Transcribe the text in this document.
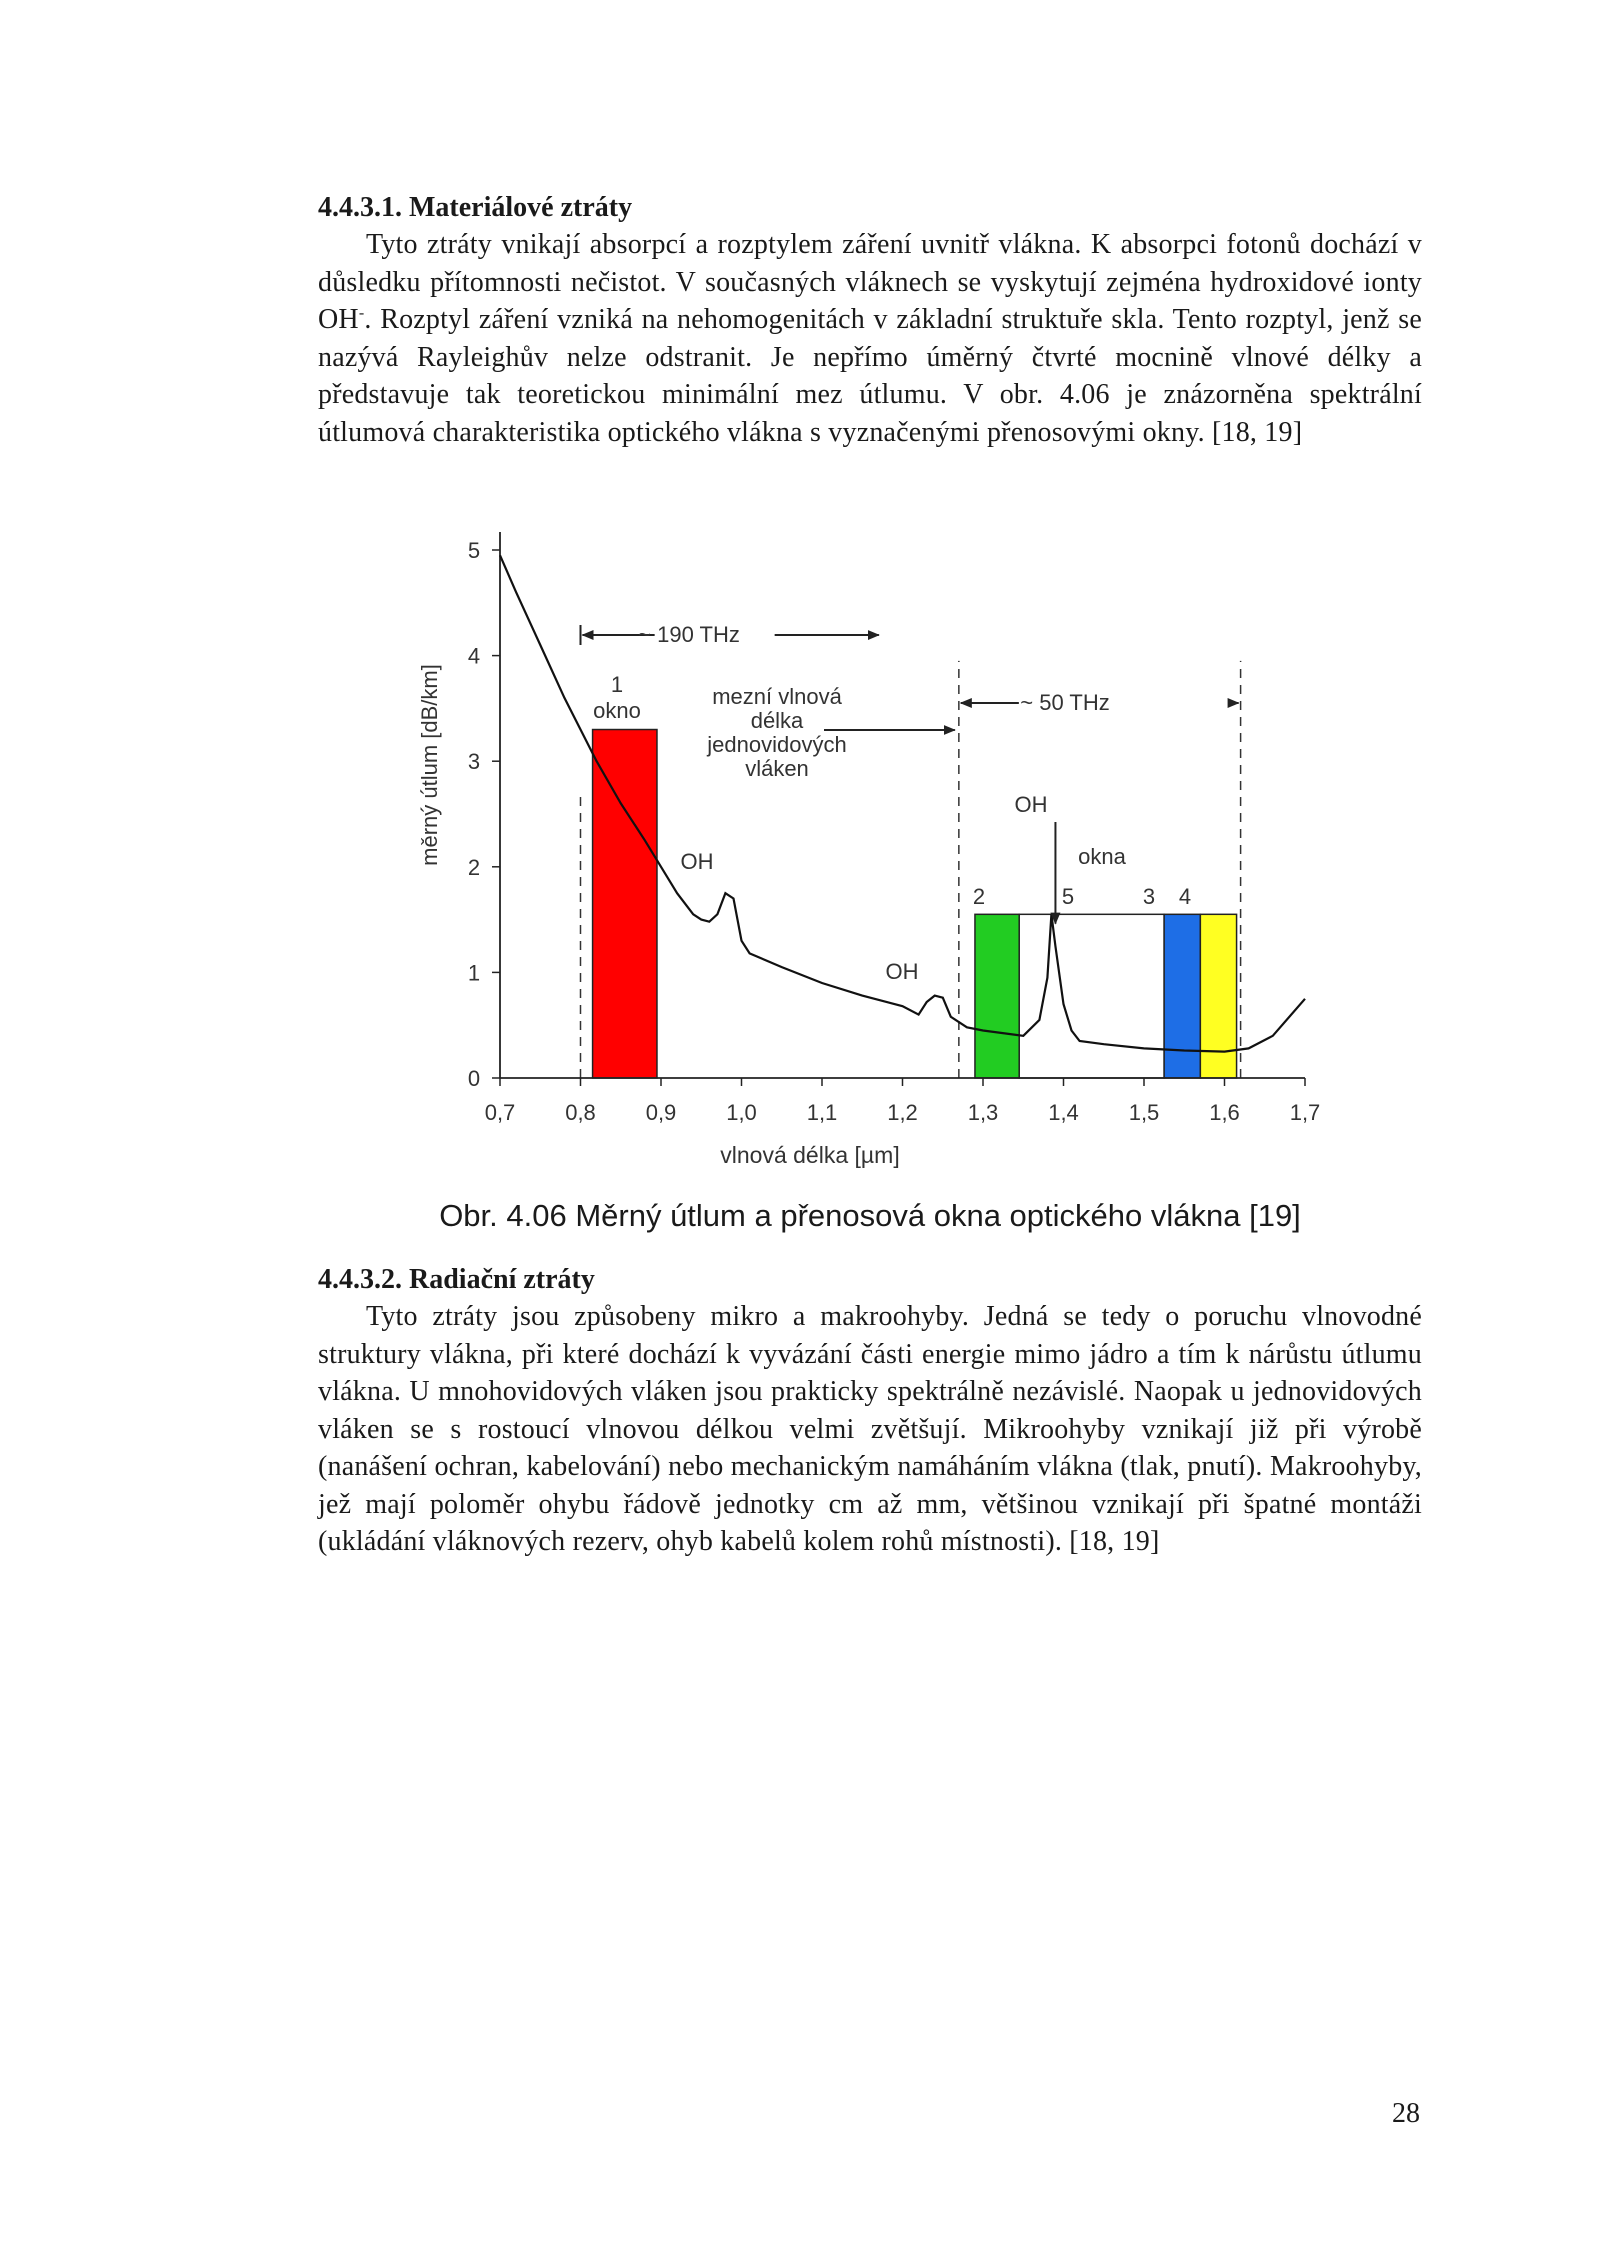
4.4.3.1. Materiálové ztráty

Tyto ztráty vnikají absorpcí a rozptylem záření uvnitř vlákna. K absorpci fotonů dochází v důsledku přítomnosti nečistot. V současných vláknech se vyskytují zejména hydroxidové ionty OH-. Rozptyl záření vzniká na nehomogenitách v základní struktuře skla. Tento rozptyl, jenž se nazývá Rayleighův nelze odstranit. Je nepřímo úměrný čtvrté mocnině vlnové délky a představuje tak teoretickou minimální mez útlumu. V obr. 4.06 je znázorněna spektrální útlumová charakteristika optického vlákna s vyznačenými přenosovými okny. [18, 19]

0
1
2
3
4
5
0,7 0,8 0,9 1,0 1,1 1,2 1,3 1,4 1,5 1,6 1,7
měrný útlum [dB/km]
vlnová délka [µm]
~ 190 THz
~ 50 THz
1
okno
mezní vlnová
délka
jednovidových
vláken
OH
OH
OH
okna
2	5	3 4
Obr. 4.06 Měrný útlum a přenosová okna optického vlákna [19]

4.4.3.2. Radiační ztráty

Tyto ztráty jsou způsobeny mikro a makroohyby. Jedná se tedy o poruchu vlnovodné struktury vlákna, při které dochází k vyvázání části energie mimo jádro a tím k nárůstu útlumu vlákna. U mnohovidových vláken jsou prakticky spektrálně nezávislé. Naopak u jednovidových vláken se s rostoucí vlnovou délkou velmi zvětšují. Mikroohyby vznikají již při výrobě (nanášení ochran, kabelování) nebo mechanickým namáháním vlákna (tlak, pnutí). Makroohyby, jež mají poloměr ohybu řádově jednotky cm až mm, většinou vznikají při špatné montáži (ukládání vláknových rezerv, ohyb kabelů kolem rohů místnosti). [18, 19]

28
